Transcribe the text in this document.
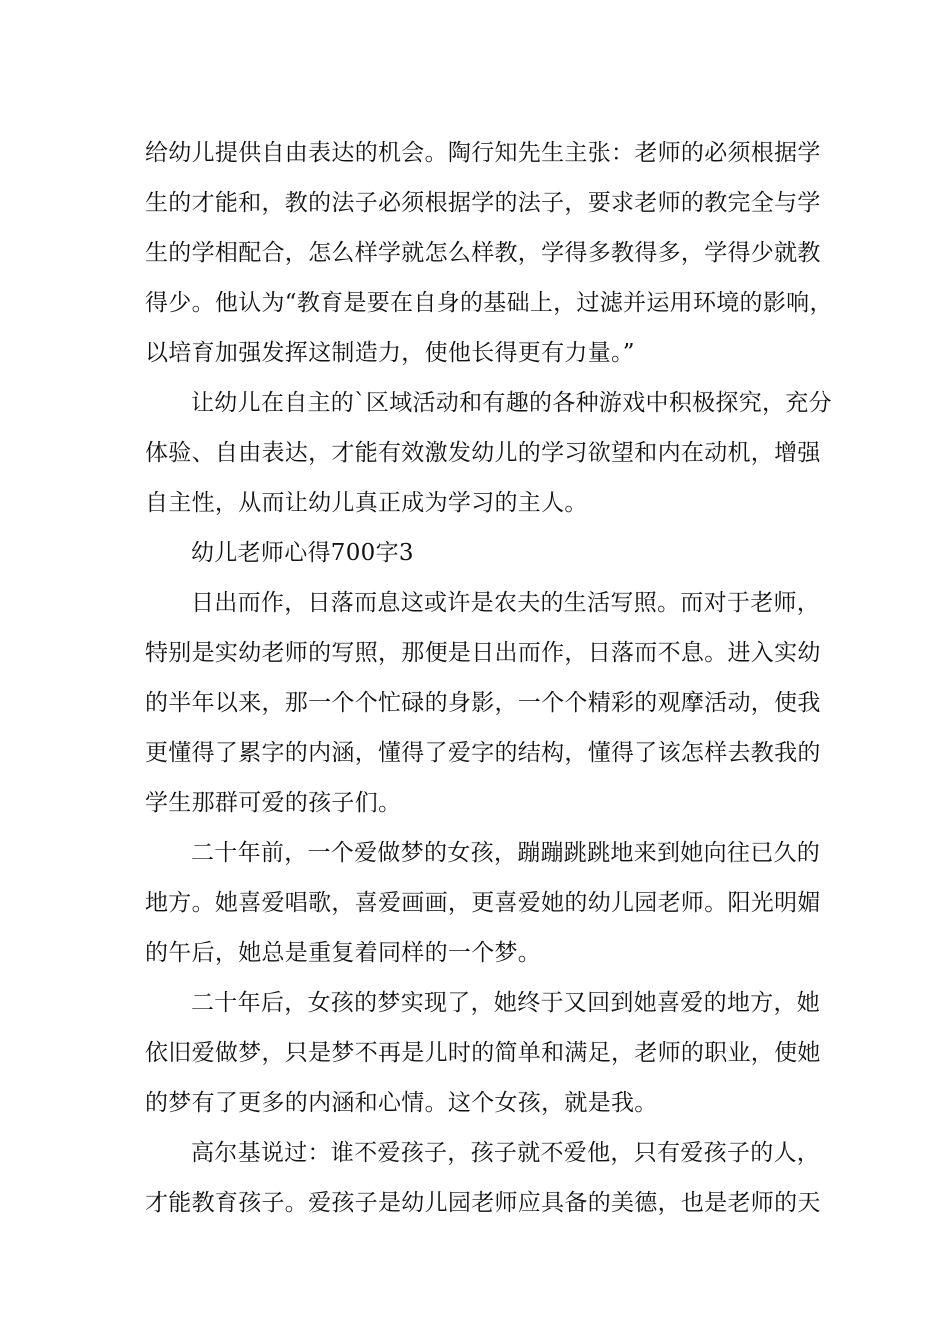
给幼儿提供自由表达的机会。陶行知先生主张：老师的必须根据学
生的才能和，教的法子必须根据学的法子，要求老师的教完全与学
生的学相配合，怎么样学就怎么样教，学得多教得多，学得少就教
得少。他认为“教育是要在自身的基础上，过滤并运用环境的影响，
以培育加强发挥这制造力，使他长得更有力量。”
让幼儿在自主的`区域活动和有趣的各种游戏中积极探究，充分
体验、自由表达，才能有效激发幼儿的学习欲望和内在动机，增强
自主性，从而让幼儿真正成为学习的主人。
幼儿老师心得700字3
日出而作，日落而息这或许是农夫的生活写照。而对于老师，
特别是实幼老师的写照，那便是日出而作，日落而不息。进入实幼
的半年以来，那一个个忙碌的身影，一个个精彩的观摩活动，使我
更懂得了累字的内涵，懂得了爱字的结构，懂得了该怎样去教我的
学生那群可爱的孩子们。
二十年前，一个爱做梦的女孩，蹦蹦跳跳地来到她向往已久的
地方。她喜爱唱歌，喜爱画画，更喜爱她的幼儿园老师。阳光明媚
的午后，她总是重复着同样的一个梦。
二十年后，女孩的梦实现了，她终于又回到她喜爱的地方，她
依旧爱做梦，只是梦不再是儿时的简单和满足，老师的职业，使她
的梦有了更多的内涵和心情。这个女孩，就是我。
高尔基说过：谁不爱孩子，孩子就不爱他，只有爱孩子的人，
才能教育孩子。爱孩子是幼儿园老师应具备的美德，也是老师的天
